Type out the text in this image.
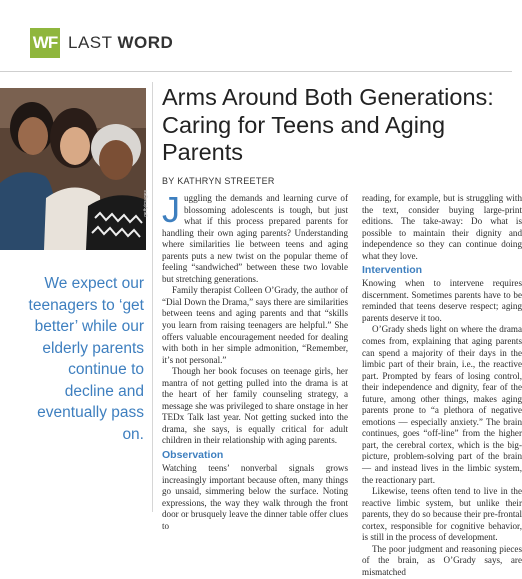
WF LAST WORD
gettyimages
We expect our teenagers to ‘get better’ while our elderly parents continue to decline and eventually pass on.
Arms Around Both Generations: Caring for Teens and Aging Parents
BY KATHRYN STREETER

Juggling the demands and learning curve of blossoming adolescents is tough, but just what if this process prepared parents for handling their own aging parents? Understanding where similarities lie between teens and aging parents puts a new twist on the popular theme of feeling “sandwiched” between these two lovable but stretching generations.

Family therapist Colleen O’Grady, the author of “Dial Down the Drama,” says there are similarities between teens and aging parents and that “skills you learn from raising teenagers are helpful.” She offers valuable encouragement needed for dealing with both in her simple admonition, “Remember, it’s not personal.”

Though her book focuses on teenage girls, her mantra of not getting pulled into the drama is at the heart of her family counseling strategy, a message she was privileged to share onstage in her TEDx Talk last year. Not getting sucked into the drama, she says, is equally critical for adult children in their relationship with aging parents.

Observation

Watching teens’ nonverbal signals grows increasingly important because often, many things go unsaid, simmering below the surface. Noting expressions, the way they walk through the front door or brusquely leave the dinner table offer clues to

reading, for example, but is struggling with the text, consider buying large-print editions. The take-away: Do what is possible to maintain their dignity and independence so they can continue doing what they love.

Intervention

Knowing when to intervene requires discernment. Sometimes parents have to be reminded that teens deserve respect; aging parents deserve it too.

O’Grady sheds light on where the drama comes from, explaining that aging parents can spend a majority of their days in the limbic part of their brain, i.e., the reactive part. Prompted by fears of losing control, their independence and dignity, fear of the future, among other things, makes aging parents prone to “a plethora of negative emotions — especially anxiety.” The brain continues, goes “off-line” from the higher part, the cerebral cortex, which is the big-picture, problem-solving part of the brain — and instead lives in the limbic system, the reactionary part.

Likewise, teens often tend to live in the reactive limbic system, but unlike their parents, they do so because their pre-frontal cortex, responsible for cognitive behavior, is still in the process of development.

The poor judgment and reasoning pieces of the brain, as O’Grady says, are mismatched
